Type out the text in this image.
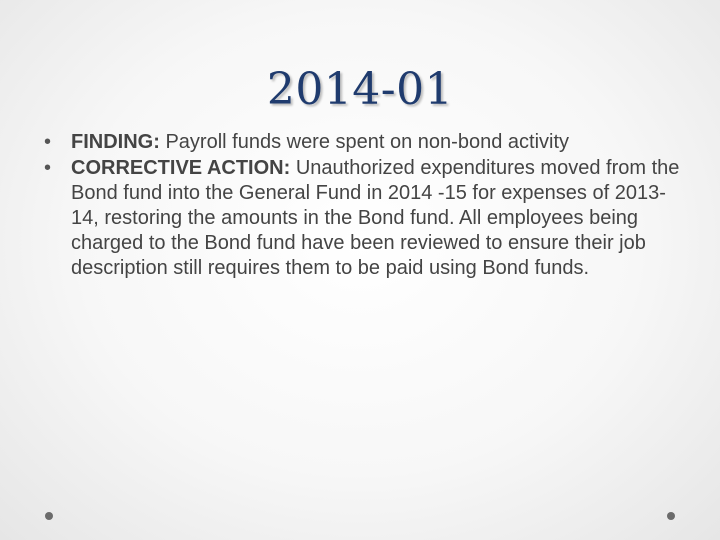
2014-01
• FINDING: Payroll funds were spent on non-bond activity
• CORRECTIVE ACTION: Unauthorized expenditures moved from the Bond fund into the General Fund in 2014 -15 for expenses of 2013-14, restoring the amounts in the Bond fund. All employees being charged to the Bond fund have been reviewed to ensure their job description still requires them to be paid using Bond funds.
